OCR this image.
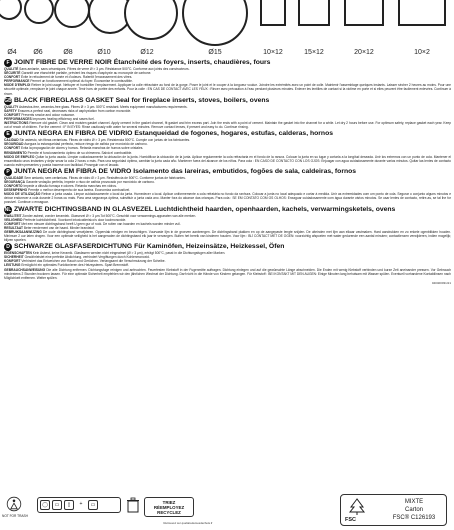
Ø4	Ø6	Ø8	Ø10	Ø12	Ø15	10×12	15×12	20×12	10×2
F JOINT FIBRE DE VERRE NOIR Étanchéité des foyers, inserts, chaudières, fours
QUALITÉ Sans amiante, sans céramiques. Fibres de verre Ø > 3 µm. Résistance 500°C. Conforme aux joints des constructeurs.
SÉCURITÉ Garantit une étanchéité parfaite, prévient les risques d'asphyxie au monoxyde de carbone.
CONFORT Évite le refoulement de fumée et d'odeurs. Ralentit l'encrassement des vitres.
PERFORMANCE Permet un fonctionnement optimal du foyer. Économise le combustible.
MODE D'EMPLOI Retirer le joint usagé. Nettoyer et humidifier l'emplacement. Appliquer la colle réfractaire au fond de la gorge. Poser le joint et le couper à la longueur voulue. Joindre les extrémités avec un point de colle. Maintenir l'assemblage quelques instants. Laisser sécher 2 heures au moins. Pour une sécurité optimale, remplacer le joint chaque année. Tenir hors de portée des enfants. Pour la colle : EN CAS DE CONTACT AVEC LES YEUX : Rincer avec précaution à l'eau pendant plusieurs minutes. Enlever les lentilles de contact si la victime en porte et si elles peuvent être facilement enlevées. Continuer à rincer.
GB BLACK FIBREGLASS GASKET Seal for fireplace inserts, stoves, boilers, ovens
QUALITY Asbestos-free, ceramics-free glass. Fibres Ø > 3 µm. 500°C resistant. Meets equipment manufacturers requirements.
SAFETY Ensures a perfect seal, decreases risks of asphyxiation from carbon monoxide.
COMFORT Prevents smoke and odour nuisance.
PERFORMANCES Improves heating efficiency and saves fuel.
INSTRUCTIONS Remove old gasket. Clean and moisten gasket channel. Apply cement in the gasket channel, fit gasket and trim excess part. Join the ends with a point of cement. Maintain the gasket into the channel for a while. Let dry 2 hours before use. For optimum safety, replace gasket each year. Keep out of reach of children. For the cement : IF IN EYES: Rinse cautiously with water for several minutes. Remove contact lenses, if present and easy to do. Continue rinsing.
E JUNTA NEGRA EN FIBRA DE VIDRIO Estanqueidad de fogones, hogares, estufas, calderas, hornos
CALIDAD Sin asbesto, sin fibras cerámicas. Fibras de vidrio Ø > 3 µm. Resistencia 500°C. Cumple con juntas de los fabricantes.
SEGURIDAD Asegura la estanqueidad perfecta, reduce riesgo de asfixia por monóxido de carbono.
CONFORT Evita la propagación de olores y humos. Retarda manchas de humos sobre cristales.
RENDIMIENTO Permite el funcionamiento óptimo de su chimenea. Salvá el combustible.
MODO DE EMPLEO Quitar la junta usada. Limpiar cuidadosamente la ubicación de la junta. Humidificar la ubicación de la junta. Aplicar regularmente la cola refractaria en el fondo de la ranura. Colocar la junta en su lugar y cortarla a la longitud deseada. Unir los extremos con un punto de cola. Mantener el ensamblado unos instantes y dejar secar la cola 2 horas o más. Para una seguridad óptima, cambiar la junta cada año. Mantener fuera del alcance de los niños. Para cola : EN CASO DE CONTACTO CON LOS OJOS: Enjuagar con agua cuidadosamente durante varios minutos. Quitar las lentes de contacto cuando estén presentes y pueda hacerse con facilidad. Proseguir con el lavado.
P JUNTA NEGRA EM FIBRA DE VIDRO Isolamento das lareiras, embutidos, fogões de sala, caldeiras, fornos
QUALIDADE Sem amianto, sem cerâmicas. Fibras de vidro Ø > 3 µm. Resistência de 500°C. Conforme juntas de fabricantes.
SEGURANÇA Garante vedação perfeita, impede o risco de asfixia provocado por monóxido de carbono.
CONFORTO Impede a difusão fumaça e odores. Retarda manchas em vidros.
DESEMPENHO Permite o melhor desempenho de sua lareira. Economiza combustível.
MODO DE UTILIZAÇÃO Retirar a junta usada. Limpar cuidadosamente o local da junta. Humedecer o local. Aplicar uniformemente a cola refratária no fundo da ranhura. Colocar a junta no local adequado e cortar à medida. Unir as extremidades com um ponto de cola. Segurar o conjunto alguns minutos e deixar endurecer a cola durante 2 horas ou mais. Para uma segurança óptima, substituir a junta cada ano. Manter fora do alcance das crianças. Para cola : SE EM CONTATO COM OS OLHOS: Enxaguar cuidadosamente com água durante vários minutos. Se usar lentes de contacto, retire-as, se tal lhe for possível. Continue o enxaguar.
NL ZWARTE DICHTINGSBAND IN GLASVEZEL Luchtdichtheid haarden, openhaarden, kachels, verwarmingsketels, ovens
KWALITEIT Zonder asbest, zonder keramiek. Glasvezel Ø > 3 µm.Tot 500°C. Geschikt voor verwarmings-apparaten van alle merken.
VEILIGHEID Perfecte luchtdichtheid. Voorkomt intoxicatierisico's door koolmonoxide.
COMFORT Met een nieuwe dichtingsband heeft U geen gur of rook. De ruiten van haarden en kachels worden minder vuil.
RESULTAAT Beter rendement van de haard. Minder brandstof.
GEBRUIKSAANWIJZING De oude dichtingband verwijderen. Oppervlak reinigen en bevochtigen. Vuurvaste lijm in de groeven aanbrengen. De dichtingsband plakken en op de aangepaste lengte snijden. De uiteinden met lijm aan elkaar vastmaken. Hard aandrukken en zo enkele ogenblikken houden. Minimum 2 uur laten drogen. Voor een optimale veiligheid is het aangeraden de dichtingsband elk jaar te vervangen. Buiten het bereik van kinderen houden. Voor lijm : BIJ CONTACT MET DE OGEN: voorzichtig afspoelen met water gedurende een aantal minuten; contactlenzen verwijderen, indien mogelijk; blijven spoelen.
D SCHWARZE GLASFASERDICHTUNG Für Kaminöfen, Heizeinsätze, Heizkessel, Öfen
EIGENSCHAFTEN Kein Asbest, keine Keramik. Glasfasern werden nicht eingeatmet (Ø > 3 µm), erträgt 500°C, passt in die Dichtungsfugen aller Marken.
SICHERHEIT Gewährleistet eine perfekte Abdichtung, verhindert Vergiftungen durch Kohlenmonoxid.
KOMFORT Verhindert das Entweichen von Rauch und Gerüchen. Verlangsamt die Verschmutzung der Scheibe.
LEISTUNG Ermöglicht ein optimales Funktionieren des Heizsystems. Spart Brennstoff.
GEBRAUCHSANWEISUNG Die alte Dichtung entfernen. Dichtungsfuge reinigen und anfeuchten. Feuerfesten Klebstoff in der Fugenmitte auftragen. Dichtung einlegen und auf die gewünschte Länge abschneiden. Die Enden mit wenig Klebstoff verbinden und kurze Zeit aneinander pressen. Vor Gebrauch mindestens 2 Stunden trocknen lassen. Für eine optimale Sicherheit empfehlen wir den jährlichen Wechsel der Dichtung. Darf nicht in die Hände von Kindern gelangen. Für Klebstoff : BEI KONTAKT MIT DEN AUGEN: Einige Minuten lang behutsam mit Wasser spülen. Eventuell vorhandene Kontaktlinsen nach Möglichkeit entfernen. Weiter spülen.
040400031/21
NOT FOR TRASH
◯	▭	▯	+	▭	TRIEZ
RÉEMPLOYEZ
RECYCLEZ
Retrouvez sur quefairedemesdechets.fr	FSC
MIXTE
Carton
FSC® C126193
